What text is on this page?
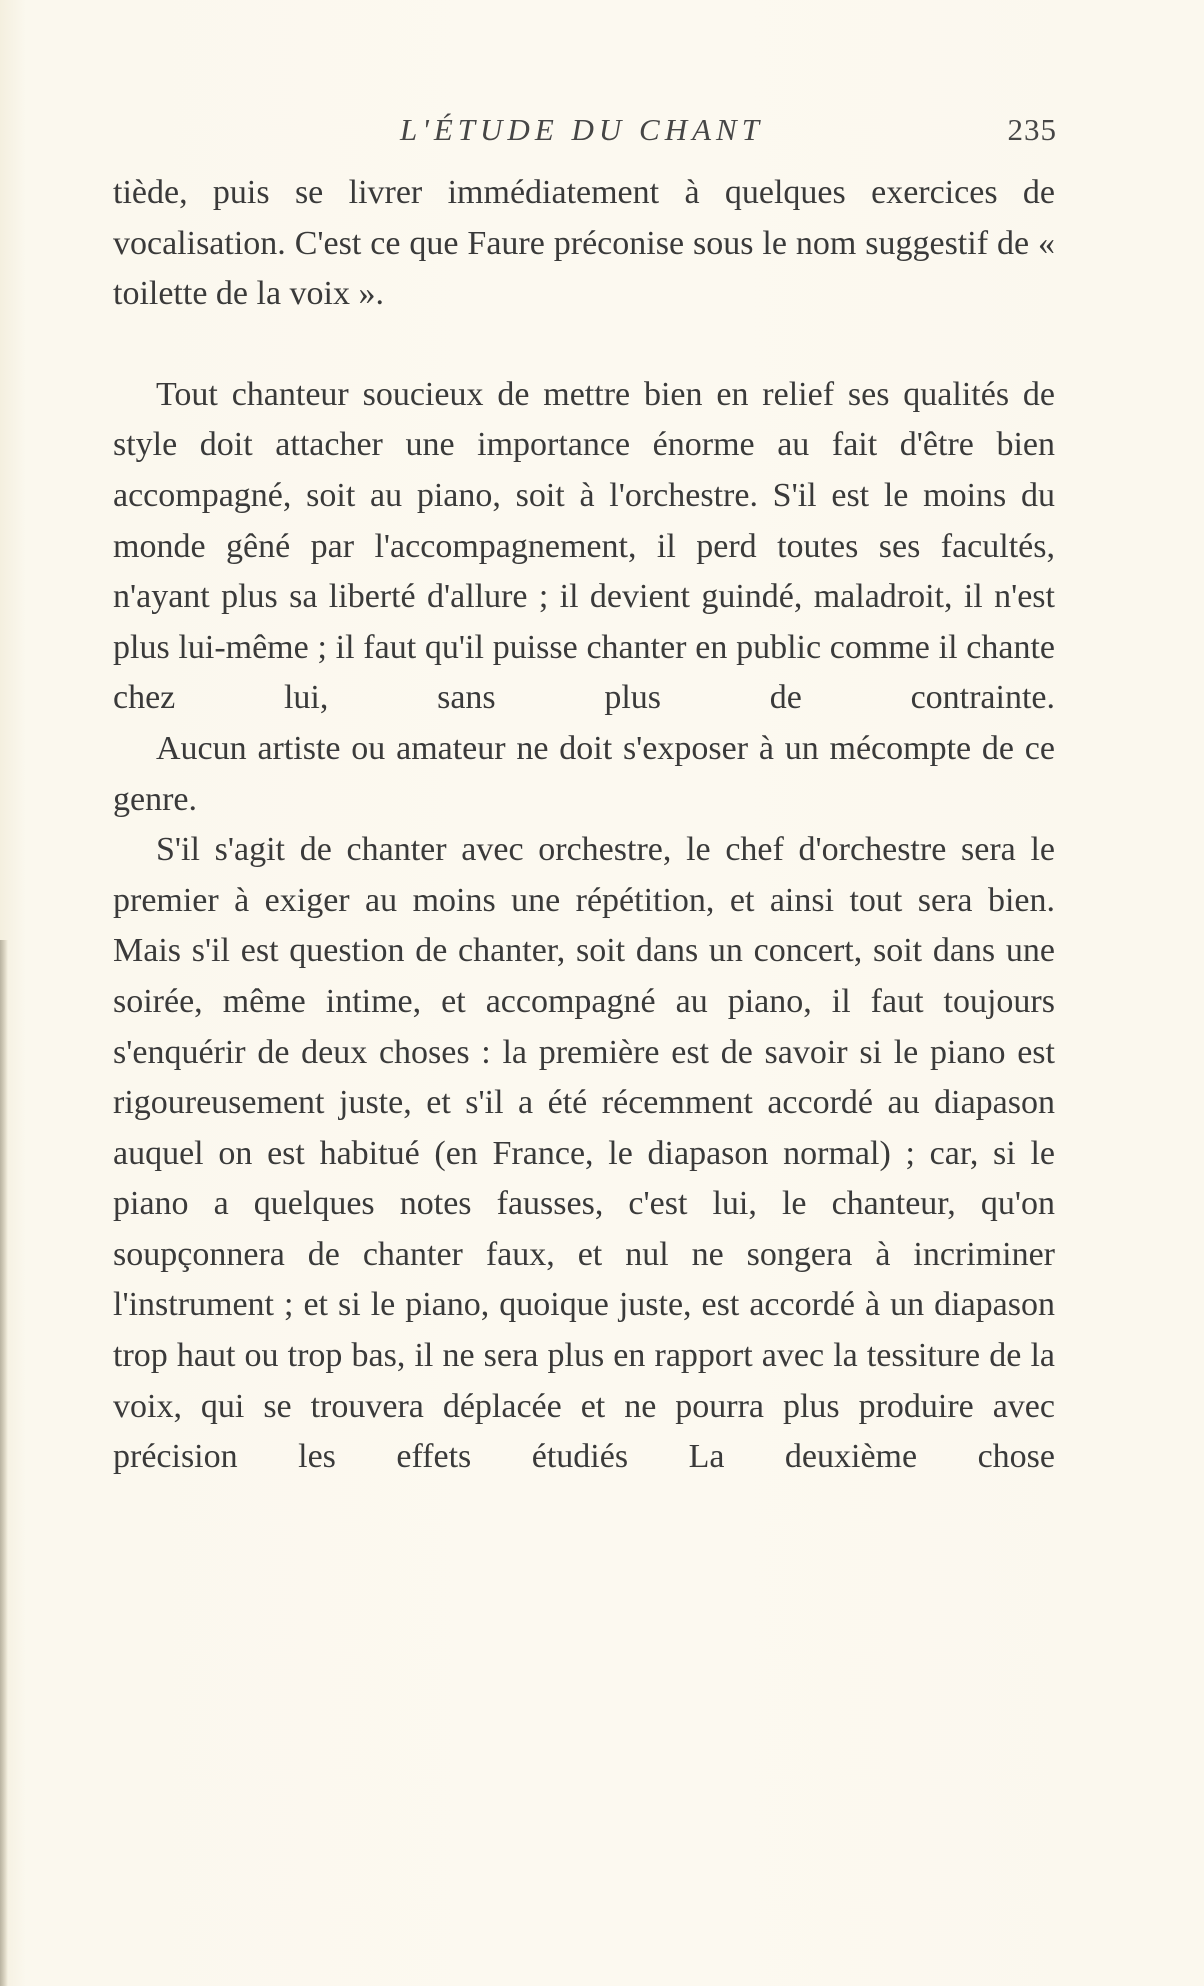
L'ÉTUDE DU CHANT	235

tiède, puis se livrer immédiatement à quelques exercices de vocalisation. C'est ce que Faure préconise sous le nom suggestif de « toilette de la voix ».

Tout chanteur soucieux de mettre bien en relief ses qualités de style doit attacher une importance énorme au fait d'être bien accompagné, soit au piano, soit à l'orchestre. S'il est le moins du monde gêné par l'accompagnement, il perd toutes ses facultés, n'ayant plus sa liberté d'allure ; il devient guindé, maladroit, il n'est plus lui-même ; il faut qu'il puisse chanter en public comme il chante chez lui, sans plus de contrainte.

Aucun artiste ou amateur ne doit s'exposer à un mécompte de ce genre.

S'il s'agit de chanter avec orchestre, le chef d'orchestre sera le premier à exiger au moins une répétition, et ainsi tout sera bien. Mais s'il est question de chanter, soit dans un concert, soit dans une soirée, même intime, et accompagné au piano, il faut toujours s'enquérir de deux choses : la première est de savoir si le piano est rigoureusement juste, et s'il a été récemment accordé au diapason auquel on est habitué (en France, le diapason normal) ; car, si le piano a quelques notes fausses, c'est lui, le chanteur, qu'on soupçonnera de chanter faux, et nul ne songera à incriminer l'instrument ; et si le piano, quoique juste, est accordé à un diapason trop haut ou trop bas, il ne sera plus en rapport avec la tessiture de la voix, qui se trouvera déplacée et ne pourra plus produire avec précision les effets étudiés La deuxième chose
